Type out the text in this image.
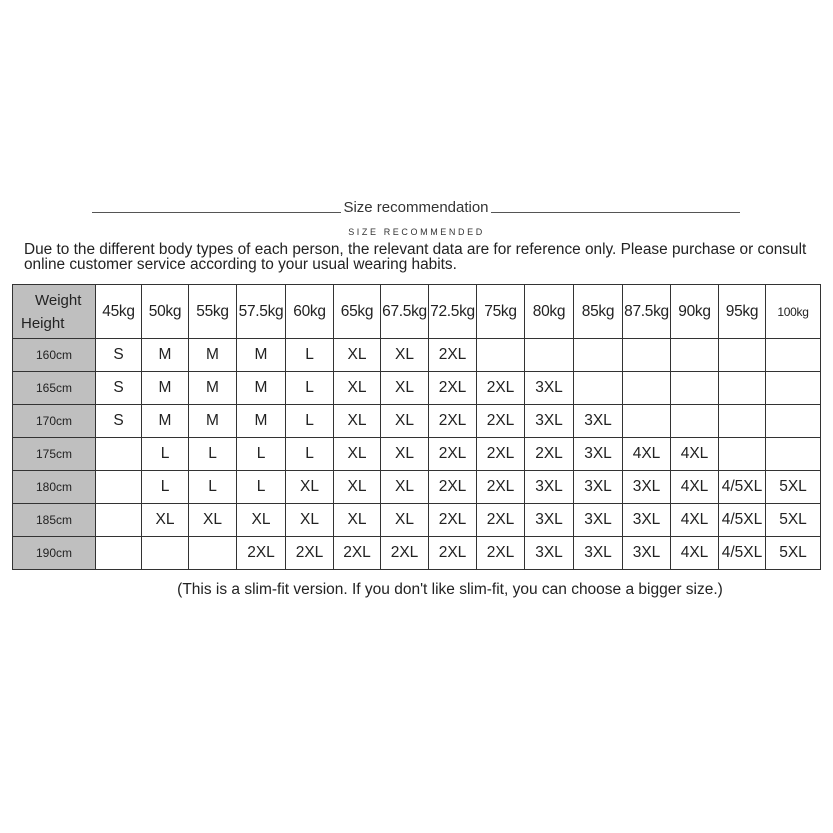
Size recommendation
SIZE RECOMMENDED
Due to the different body types of each person, the relevant data are for reference only. Please purchase or consult online customer service according to your usual wearing habits.
Weight
Height	45kg	50kg	55kg	57.5kg	60kg	65kg	67.5kg	72.5kg	75kg	80kg	85kg	87.5kg	90kg	95kg	100kg
160cm	S	M	M	M	L	XL	XL	2XL							
165cm	S	M	M	M	L	XL	XL	2XL	2XL	3XL					
170cm	S	M	M	M	L	XL	XL	2XL	2XL	3XL	3XL				
175cm		L	L	L	L	XL	XL	2XL	2XL	2XL	3XL	4XL	4XL		
180cm		L	L	L	XL	XL	XL	2XL	2XL	3XL	3XL	3XL	4XL	4/5XL	5XL
185cm		XL	XL	XL	XL	XL	XL	2XL	2XL	3XL	3XL	3XL	4XL	4/5XL	5XL
190cm				2XL	2XL	2XL	2XL	2XL	2XL	3XL	3XL	3XL	4XL	4/5XL	5XL
(This is a slim-fit version. If you don't like slim-fit, you can choose a bigger size.)
